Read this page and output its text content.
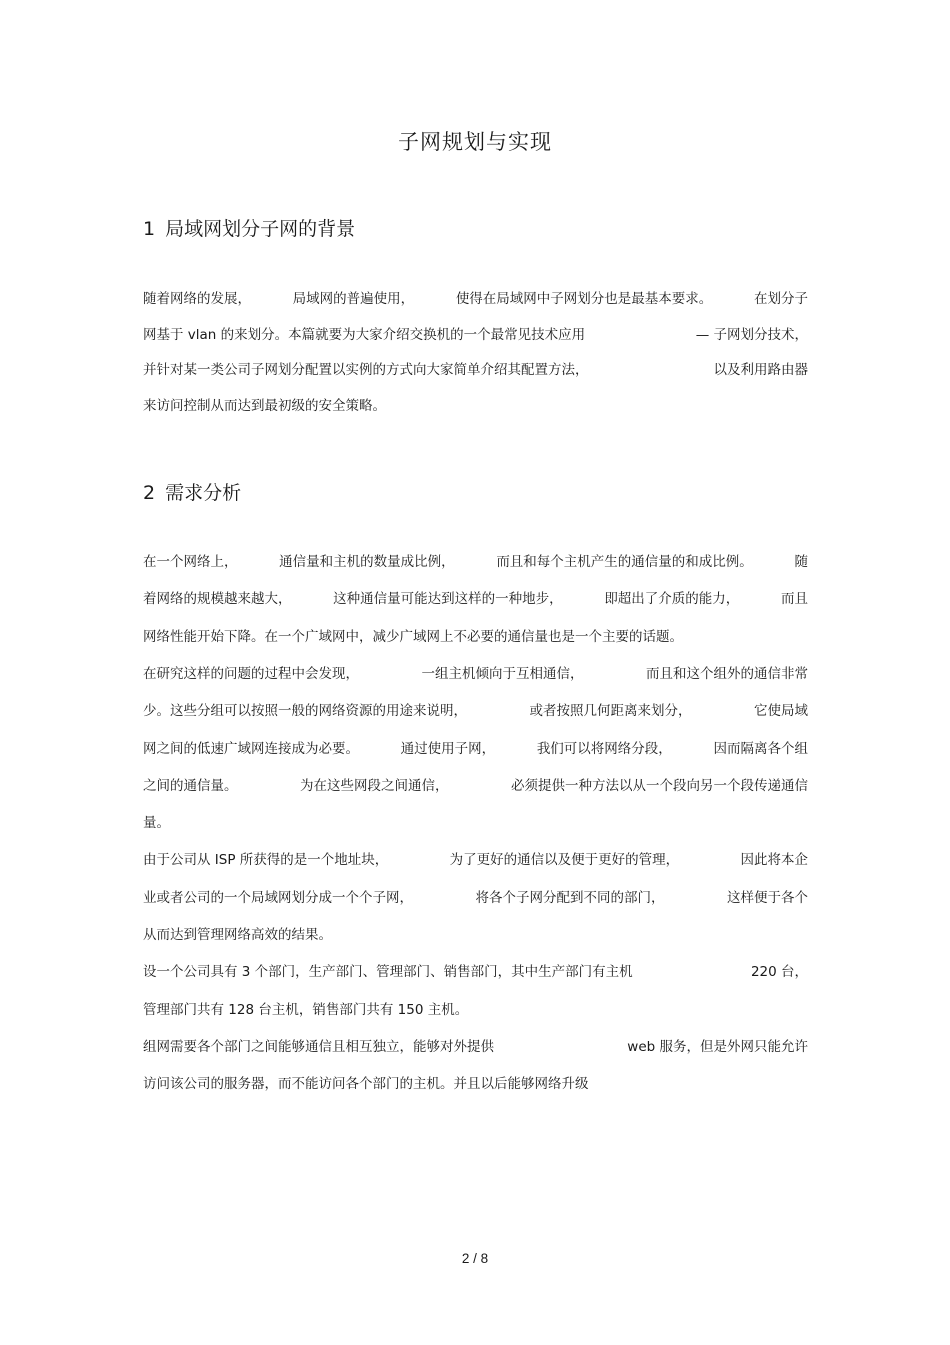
子网规划与实现
1 局域网划分子网的背景
随着网络的发展，	局域网的普遍使用，	使得在局域网中子网划分也是最基本要求。	在划分子
网基于 vlan 的来划分。本篇就要为大家介绍交换机的一个最常见技术应用	— 子网划分技术，
并针对某一类公司子网划分配置以实例的方式向大家简单介绍其配置方法，	以及利用路由器
来访问控制从而达到最初级的安全策略。
2 需求分析
在一个网络上，	通信量和主机的数量成比例，	而且和每个主机产生的通信量的和成比例。	随
着网络的规模越来越大，	这种通信量可能达到这样的一种地步，	即超出了介质的能力，	而且
网络性能开始下降。在一个广域网中，减少广域网上不必要的通信量也是一个主要的话题。
在研究这样的问题的过程中会发现，	一组主机倾向于互相通信，	而且和这个组外的通信非常
少。这些分组可以按照一般的网络资源的用途来说明，	或者按照几何距离来划分，	它使局域
网之间的低速广域网连接成为必要。	通过使用子网，	我们可以将网络分段，	因而隔离各个组
之间的通信量。	为在这些网段之间通信，	必须提供一种方法以从一个段向另一个段传递通信
量。
由于公司从 ISP 所获得的是一个地址块，	为了更好的通信以及便于更好的管理，	因此将本企
业或者公司的一个局域网划分成一个个子网，	将各个子网分配到不同的部门，	这样便于各个
从而达到管理网络高效的结果。
设一个公司具有 3 个部门，生产部门、管理部门、销售部门，其中生产部门有主机	220 台，
管理部门共有 128 台主机，销售部门共有 150 主机。
组网需要各个部门之间能够通信且相互独立，能够对外提供	web 服务，但是外网只能允许
访问该公司的服务器，而不能访问各个部门的主机。并且以后能够网络升级
2 / 8
